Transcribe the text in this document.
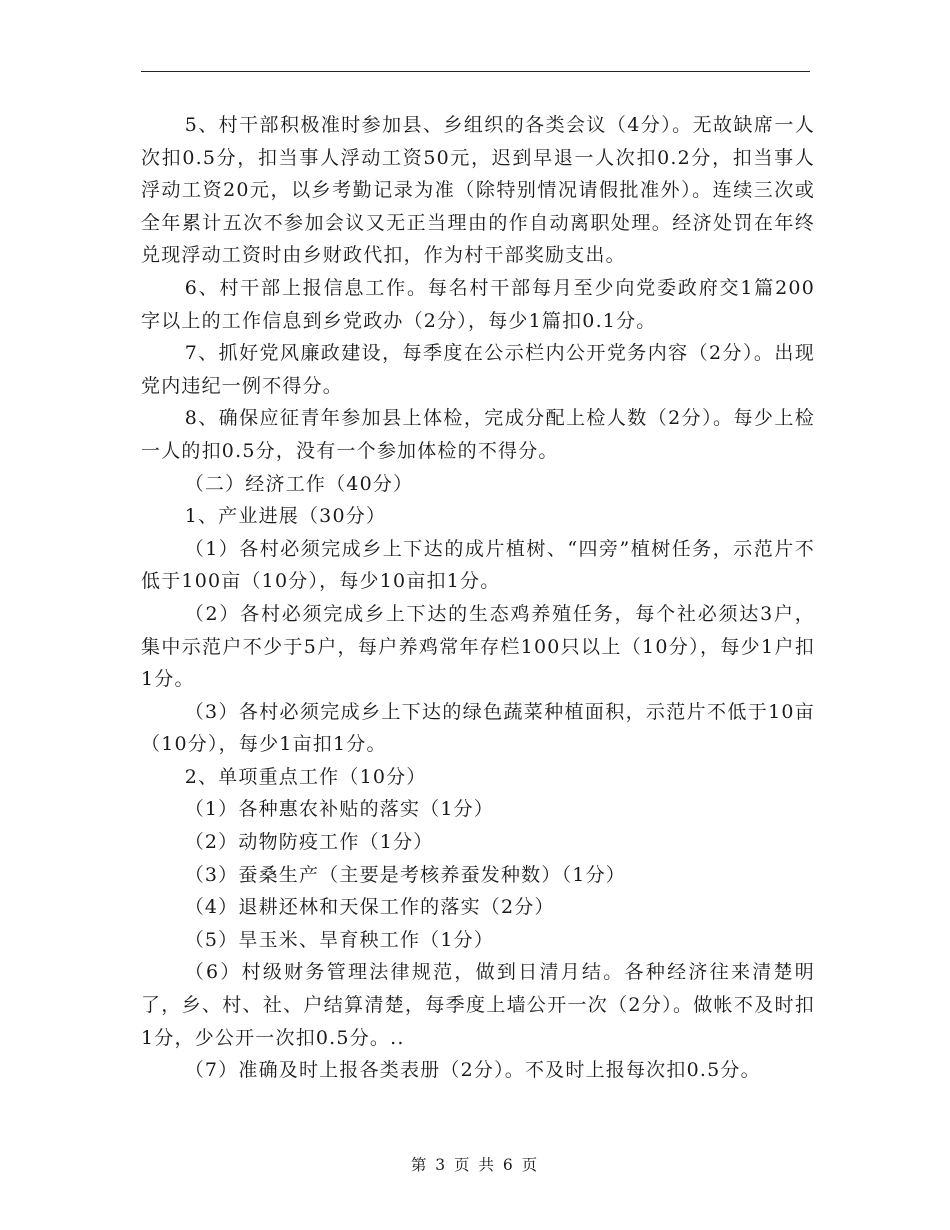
5、村干部积极准时参加县、乡组织的各类会议（4分）。无故缺席一人次扣0.5分，扣当事人浮动工资50元，迟到早退一人次扣0.2分，扣当事人浮动工资20元，以乡考勤记录为准（除特别情况请假批准外）。连续三次或全年累计五次不参加会议又无正当理由的作自动离职处理。经济处罚在年终兑现浮动工资时由乡财政代扣，作为村干部奖励支出。

6、村干部上报信息工作。每名村干部每月至少向党委政府交1篇200字以上的工作信息到乡党政办（2分），每少1篇扣0.1分。

7、抓好党风廉政建设，每季度在公示栏内公开党务内容（2分）。出现党内违纪一例不得分。

8、确保应征青年参加县上体检，完成分配上检人数（2分）。每少上检一人的扣0.5分，没有一个参加体检的不得分。

（二）经济工作（40分）

1、产业进展（30分）

（1）各村必须完成乡上下达的成片植树、“四旁”植树任务，示范片不低于100亩（10分），每少10亩扣1分。

（2）各村必须完成乡上下达的生态鸡养殖任务，每个社必须达3户，集中示范户不少于5户，每户养鸡常年存栏100只以上（10分），每少1户扣1分。

（3）各村必须完成乡上下达的绿色蔬菜种植面积，示范片不低于10亩（10分），每少1亩扣1分。

2、单项重点工作（10分）

（1）各种惠农补贴的落实（1分）

（2）动物防疫工作（1分）

（3）蚕桑生产（主要是考核养蚕发种数）（1分）

（4）退耕还林和天保工作的落实（2分）

（5）旱玉米、旱育秧工作（1分）

（6）村级财务管理法律规范，做到日清月结。各种经济往来清楚明了，乡、村、社、户结算清楚，每季度上墙公开一次（2分）。做帐不及时扣1分，少公开一次扣0.5分。..

（7）准确及时上报各类表册（2分）。不及时上报每次扣0.5分。

第 3 页 共 6 页
